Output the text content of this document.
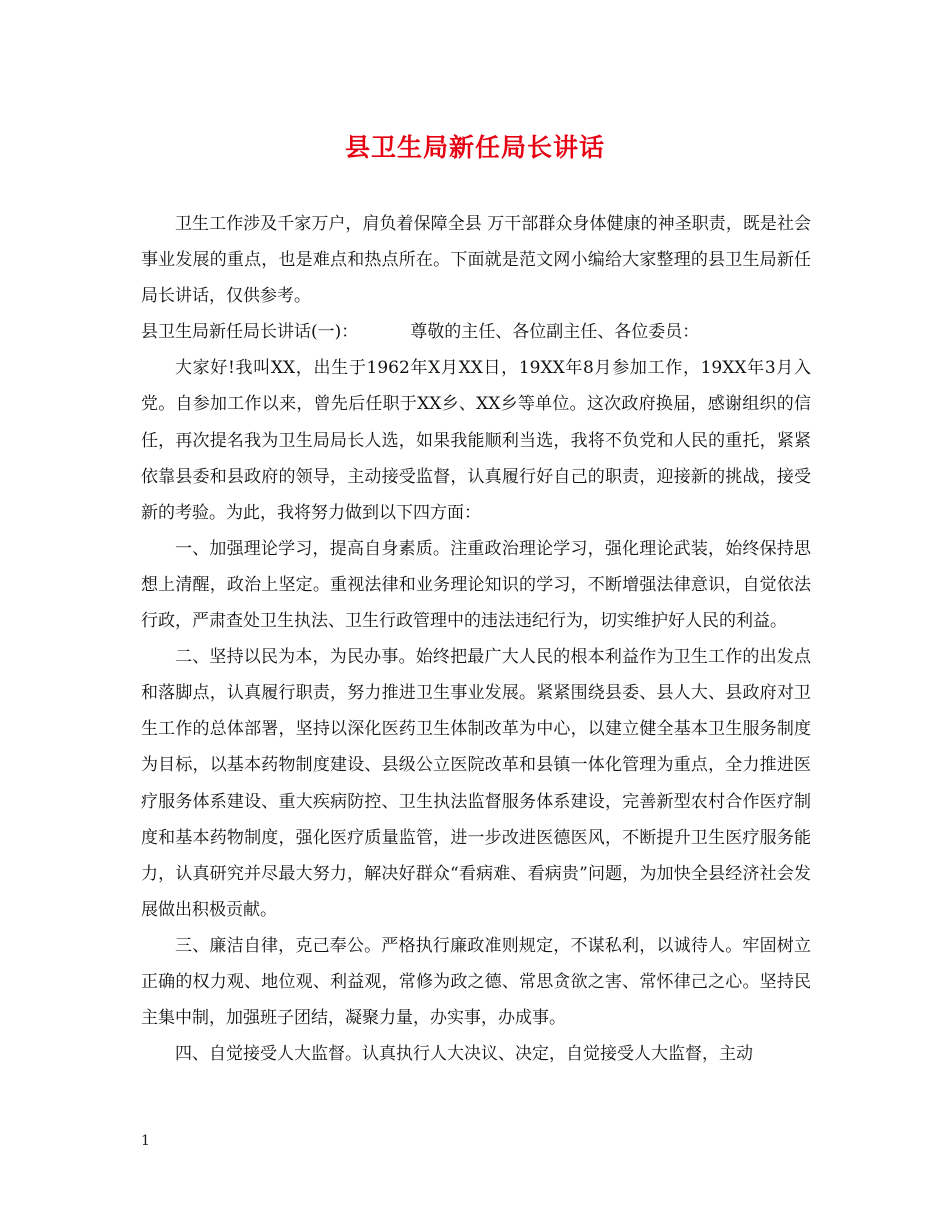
县卫生局新任局长讲话

卫生工作涉及千家万户，肩负着保障全县 万干部群众身体健康的神圣职责，既是社会事业发展的重点，也是难点和热点所在。下面就是范文网小编给大家整理的县卫生局新任局长讲话，仅供参考。

县卫生局新任局长讲话(一)：	尊敬的主任、各位副主任、各位委员：

大家好!我叫XX，出生于1962年X月XX日，19XX年8月参加工作，19XX年3月入党。自参加工作以来，曾先后任职于XX乡、XX乡等单位。这次政府换届，感谢组织的信任，再次提名我为卫生局局长人选，如果我能顺利当选，我将不负党和人民的重托，紧紧依靠县委和县政府的领导，主动接受监督，认真履行好自己的职责，迎接新的挑战，接受新的考验。为此，我将努力做到以下四方面：

一、加强理论学习，提高自身素质。注重政治理论学习，强化理论武装，始终保持思想上清醒，政治上坚定。重视法律和业务理论知识的学习，不断增强法律意识，自觉依法行政，严肃查处卫生执法、卫生行政管理中的违法违纪行为，切实维护好人民的利益。

二、坚持以民为本，为民办事。始终把最广大人民的根本利益作为卫生工作的出发点和落脚点，认真履行职责，努力推进卫生事业发展。紧紧围绕县委、县人大、县政府对卫生工作的总体部署，坚持以深化医药卫生体制改革为中心，以建立健全基本卫生服务制度为目标，以基本药物制度建设、县级公立医院改革和县镇一体化管理为重点，全力推进医疗服务体系建设、重大疾病防控、卫生执法监督服务体系建设，完善新型农村合作医疗制度和基本药物制度，强化医疗质量监管，进一步改进医德医风，不断提升卫生医疗服务能力，认真研究并尽最大努力，解决好群众“看病难、看病贵”问题，为加快全县经济社会发展做出积极贡献。

三、廉洁自律，克己奉公。严格执行廉政准则规定，不谋私利，以诚待人。牢固树立正确的权力观、地位观、利益观，常修为政之德、常思贪欲之害、常怀律己之心。坚持民主集中制，加强班子团结，凝聚力量，办实事，办成事。

四、自觉接受人大监督。认真执行人大决议、决定，自觉接受人大监督，主动

1
